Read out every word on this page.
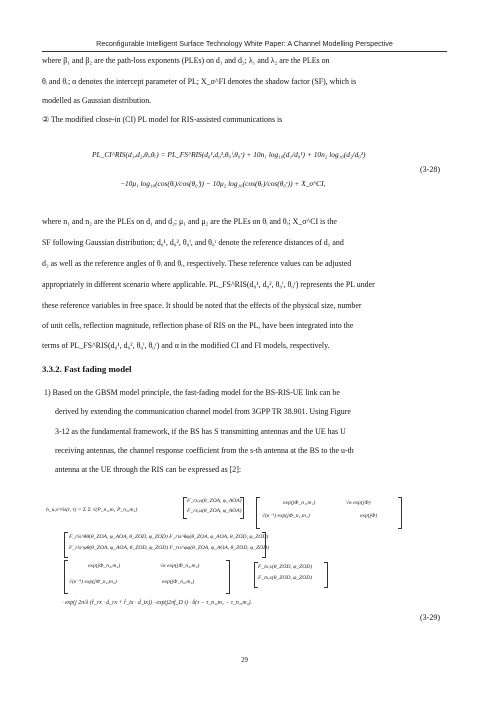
Reconfigurable Intelligent Surface Technology White Paper: A Channel Modelling Perspective
where β₁ and β₂ are the path-loss exponents (PLEs) on d₁ and d₂; λ₁ and λ₂ are the PLEs on
θᵢ and θᵣ; α denotes the intercept parameter of PL; X_σ^FI denotes the shadow factor (SF), which is
modelled as Gaussian distribution.
② The modified close-in (CI) PL model for RIS-assisted communications is
PL_CI^RIS(d₁,d₂,θᵢ,θᵣ) = PL_FS^RIS(d₀¹,d₀²,θ₀ⁱ,θ₀ʳ) + 10n₁ log₁₀(d₁/d₀¹) + 10n₂ log₁₀(d₂/d₀²)
−10μ₁ log₁₀(cos(θᵢ)/cos(θ₀ⁱ)) − 10μ₂ log₁₀(cos(θᵣ)/cos(θ₀ʳ)) + X_σ^CI,
(3-28)
where n₁ and n₂ are the PLEs on d₁ and d₂; μ₁ and μ₂ are the PLEs on θᵢ and θᵣ; X_σ^CI is the
SF following Gaussian distribution; d₀¹, d₀², θ₀ⁱ, and θ₀ʳ denote the reference distances of d₁ and
d₂ as well as the reference angles of θᵢ and θᵣ, respectively. These reference values can be adjusted
appropriately in different scenario where applicable. PL_FS^RIS(d₀¹, d₀², θ₀ⁱ, θ₀ʳ) represents the PL under
these reference variables in free space. It should be noted that the effects of the physical size, number
of unit cells, reflection magnitude, reflection phase of RIS on the PL, have been integrated into the
terms of PL_FS^RIS(d₀¹, d₀², θ₀ⁱ, θ₀ʳ) and α in the modified CI and FI models, respectively.
3.3.2. Fast fading model
1) Based on the GBSM model principle, the fast-fading model for the BS-RIS-UE link can be
derived by extending the communication channel model from 3GPP TR 38.901. Using Figure
3-12 as the fundamental framework, if the BS has S transmitting antennas and the UE has U
receiving antennas, the channel response coefficient from the s-th antenna at the BS to the u-th
antenna at the UE through the RIS can be expressed as [2]:
h_u,s^ris(t, τ) = Σ Σ √(P_n₁,m₁ P_n₂,m₂)
F_rx,u(θ_ZOA, φ_AOA)
F_rx,u(θ_ZOA, φ_AOA)
exp(jΦ_n₁,m₁)
√(κ⁻¹) exp(jΦ_n₁,m₁)
√κ exp(jΦ)
exp(jΦ)
F_ris^θθ(θ_ZOA, φ_AOA, θ_ZOD, φ_ZOD) F_ris^θφ(θ_ZOA, φ_AOA, θ_ZOD, φ_ZOD)
F_ris^φθ(θ_ZOA, φ_AOA, θ_ZOD, φ_ZOD) F_ris^φφ(θ_ZOA, φ_AOA, θ_ZOD, φ_ZOD)
exp(jΦ_n₂,m₂)	√κ exp(jΦ_n₂,m₂)
√(κ⁻¹) exp(jΦ_n₂,m₂)	exp(jΦ_n₂,m₂)
F_tx,s(θ_ZOD, φ_ZOD)
F_tx,s(θ_ZOD, φ_ZOD)
· exp(j 2π/λ (r̂_rx · d_rx + r̂_tx · d_tx)) · exp(j2πf_D t) · δ(τ − τ_n₁,m₁ − τ_n₂,m₂).
(3-29)
29
